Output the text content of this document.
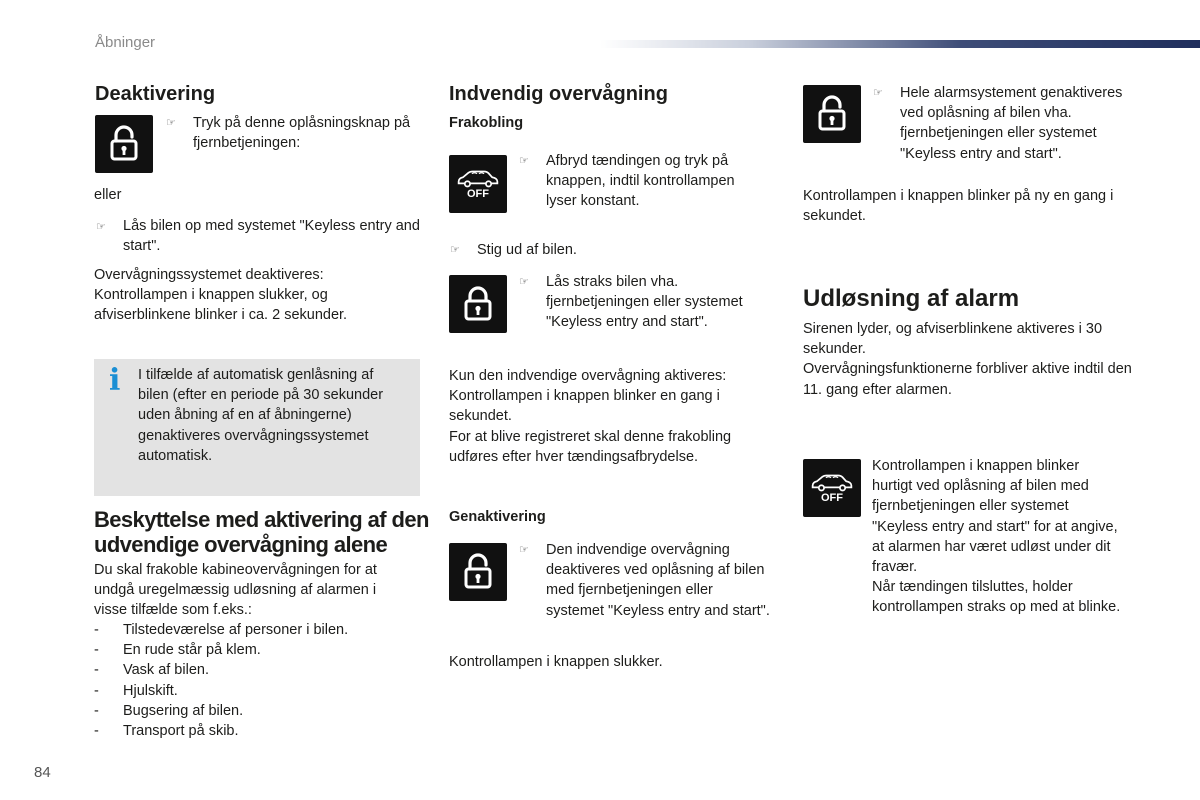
Åbninger
Deaktivering
☞ Tryk på denne oplåsningsknap på fjernbetjeningen:
eller
☞ Lås bilen op med systemet "Keyless entry and start".
Overvågningssystemet deaktiveres: Kontrollampen i knappen slukker, og afviserblinkene blinker i ca. 2 sekunder.
i I tilfælde af automatisk genlåsning af bilen (efter en periode på 30 sekunder uden åbning af en af åbningerne) genaktiveres overvågningssystemet automatisk.
Beskyttelse med aktivering af den udvendige overvågning alene
Du skal frakoble kabineovervågningen for at undgå uregelmæssig udløsning af alarmen i visse tilfælde som f.eks.:
- Tilstedeværelse af personer i bilen.
- En rude står på klem.
- Vask af bilen.
- Hjulskift.
- Bugsering af bilen.
- Transport på skib.
84
Indvendig overvågning
Frakobling
OFF
☞ Afbryd tændingen og tryk på knappen, indtil kontrollampen lyser konstant.
☞ Stig ud af bilen.
☞ Lås straks bilen vha. fjernbetjeningen eller systemet "Keyless entry and start".
Kun den indvendige overvågning aktiveres: Kontrollampen i knappen blinker en gang i sekundet.
For at blive registreret skal denne frakobling udføres efter hver tændingsafbrydelse.
Genaktivering
☞ Den indvendige overvågning deaktiveres ved oplåsning af bilen med fjernbetjeningen eller systemet "Keyless entry and start".
Kontrollampen i knappen slukker.
☞ Hele alarmsystement genaktiveres ved oplåsning af bilen vha. fjernbetjeningen eller systemet "Keyless entry and start".
Kontrollampen i knappen blinker på ny en gang i sekundet.
Udløsning af alarm
Sirenen lyder, og afviserblinkene aktiveres i 30 sekunder.
Overvågningsfunktionerne forbliver aktive indtil den 11. gang efter alarmen.
OFF
Kontrollampen i knappen blinker hurtigt ved oplåsning af bilen med fjernbetjeningen eller systemet "Keyless entry and start" for at angive, at alarmen har været udløst under dit fravær.
Når tændingen tilsluttes, holder kontrollampen straks op med at blinke.
